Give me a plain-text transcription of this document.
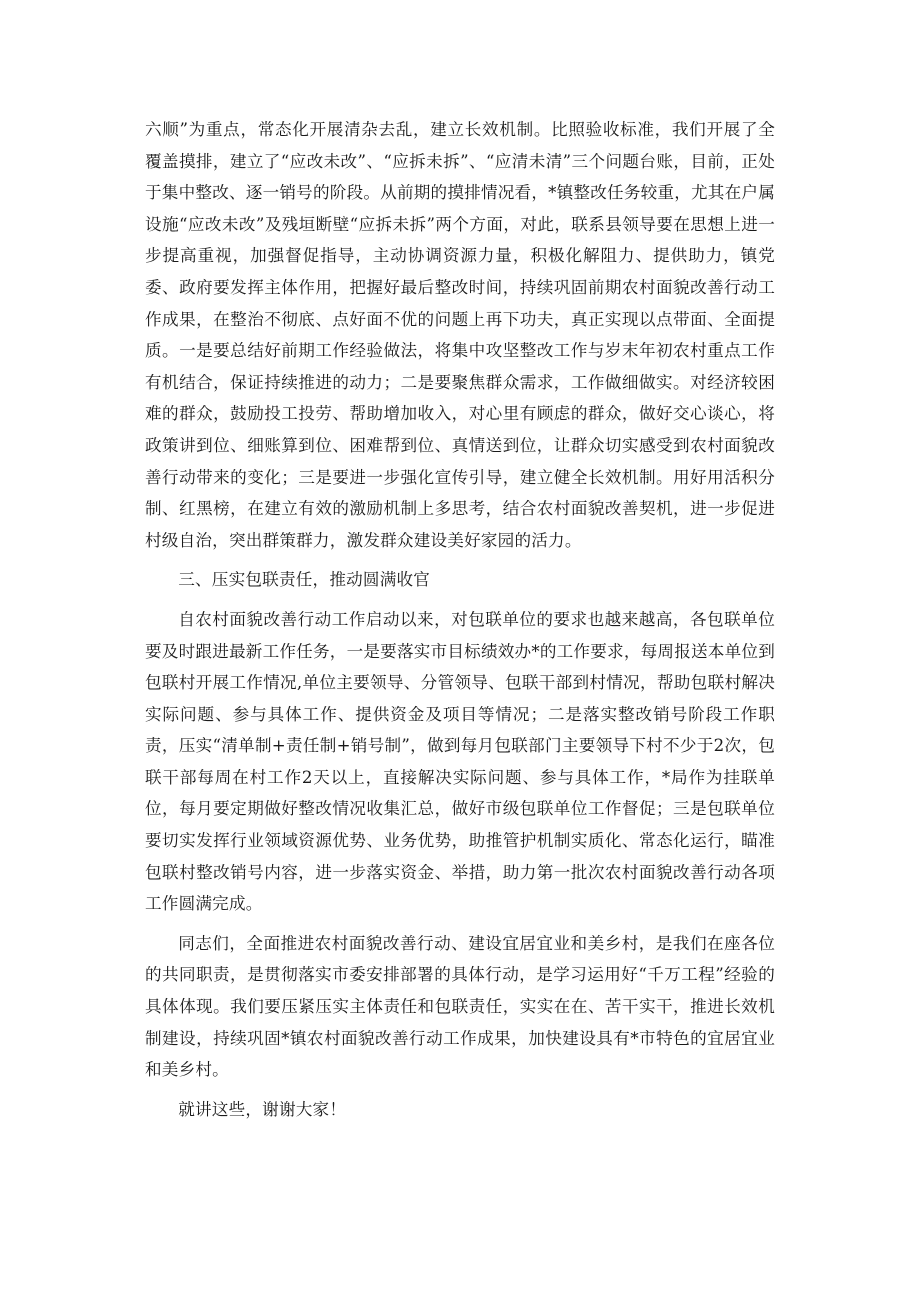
六顺”为重点，常态化开展清杂去乱，建立长效机制。比照验收标准，我们开展了全覆盖摸排，建立了“应改未改”、“应拆未拆”、“应清未清”三个问题台账，目前，正处于集中整改、逐一销号的阶段。从前期的摸排情况看，*镇整改任务较重，尤其在户属设施“应改未改”及残垣断壁“应拆未拆”两个方面，对此，联系县领导要在思想上进一步提高重视，加强督促指导，主动协调资源力量，积极化解阻力、提供助力，镇党委、政府要发挥主体作用，把握好最后整改时间，持续巩固前期农村面貌改善行动工作成果，在整治不彻底、点好面不优的问题上再下功夫，真正实现以点带面、全面提质。一是要总结好前期工作经验做法，将集中攻坚整改工作与岁末年初农村重点工作有机结合，保证持续推进的动力；二是要聚焦群众需求，工作做细做实。对经济较困难的群众，鼓励投工投劳、帮助增加收入，对心里有顾虑的群众，做好交心谈心，将政策讲到位、细账算到位、困难帮到位、真情送到位，让群众切实感受到农村面貌改善行动带来的变化；三是要进一步强化宣传引导，建立健全长效机制。用好用活积分制、红黑榜，在建立有效的激励机制上多思考，结合农村面貌改善契机，进一步促进村级自治，突出群策群力，激发群众建设美好家园的活力。

三、压实包联责任，推动圆满收官

自农村面貌改善行动工作启动以来，对包联单位的要求也越来越高，各包联单位要及时跟进最新工作任务，一是要落实市目标绩效办*的工作要求，每周报送本单位到包联村开展工作情况,单位主要领导、分管领导、包联干部到村情况，帮助包联村解决实际问题、参与具体工作、提供资金及项目等情况；二是落实整改销号阶段工作职责，压实“清单制+责任制+销号制”，做到每月包联部门主要领导下村不少于2次，包联干部每周在村工作2天以上，直接解决实际问题、参与具体工作，*局作为挂联单位，每月要定期做好整改情况收集汇总，做好市级包联单位工作督促；三是包联单位要切实发挥行业领域资源优势、业务优势，助推管护机制实质化、常态化运行，瞄准包联村整改销号内容，进一步落实资金、举措，助力第一批次农村面貌改善行动各项工作圆满完成。

同志们，全面推进农村面貌改善行动、建设宜居宜业和美乡村，是我们在座各位的共同职责，是贯彻落实市委安排部署的具体行动，是学习运用好“千万工程”经验的具体体现。我们要压紧压实主体责任和包联责任，实实在在、苦干实干，推进长效机制建设，持续巩固*镇农村面貌改善行动工作成果，加快建设具有*市特色的宜居宜业和美乡村。

就讲这些，谢谢大家！
